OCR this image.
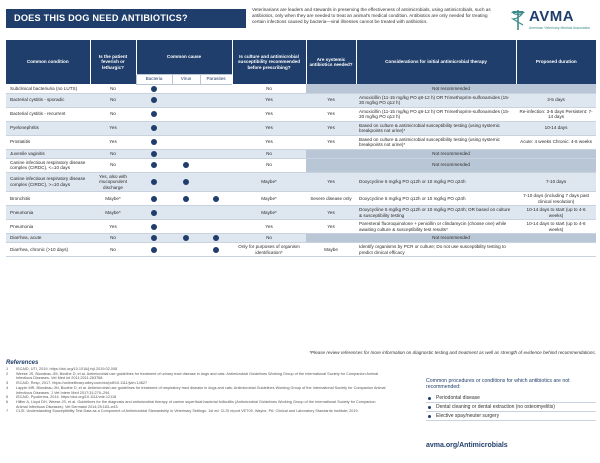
DOES THIS DOG NEED ANTIBIOTICS?
Veterinarians are leaders and stewards in preserving the effectiveness of antimicrobials, using antimicrobials, such as antibiotics, only when they are needed to treat an animal's medical condition. Antibiotics are only needed for treating certain infections caused by bacteria—viral illnesses cannot be treated with antibiotics.	AVMA
American Veterinary Medical Association
Common condition	Is the patient feverish or lethargic?	Common cause			Is culture and antimicrobial susceptibility recommended before prescribing?	Are systemic antibiotics needed?	Considerations for initial antimicrobial therapy	Proposed duration
		Bacteria	Virus	Parasites				
Subclinical bacteriuria (no LUTS)	No				No	Not recommended		
Bacterial cystitis - sporadic	No				Yes	Yes	Amoxicillin (11-15 mg/kg PO q8-12 h) OR Trimethoprim-sulfonamides (15-30 mg/kg PO q12 h)	3-5 days
Bacterial cystitis - recurrent	No				Yes	Yes	Amoxicillin (11-15 mg/kg PO q8-12 h) OR Trimethoprim-sulfonamides (15-30 mg/kg PO q12 h)	Re-infection: 3-5 days Persistent: 7-14 days
Pyelonephritis	Yes				Yes	Yes	Based on culture & antimicrobial susceptibility testing (using systemic breakpoints not urine)*	10-14 days
Prostatitis	Yes				Yes	Yes	Based on culture & antimicrobial susceptibility testing (using systemic breakpoints not urine)*	Acute: 4 weeks Chronic: 4-6 weeks
Juvenile vaginitis	No				No	Not recommended		
Canine infectious respiratory disease complex (CIRDC), <=10 days	No				No	Not recommended		
Canine infectious respiratory disease complex (CIRDC), >=10 days	Yes, also with mucopurulent discharge				Maybe*	Yes	Doxycycline 5 mg/kg PO q12h or 10 mg/kg PO q24h	7-10 days
Bronchitis	Maybe*				Maybe*	Severe disease only	Doxycycline 5 mg/kg PO q12h or 10 mg/kg PO q24h	7-10 days (including 7 days past clinical resolution)
Pneumonia	Maybe*				Maybe*	Yes	Doxycycline 5 mg/kg PO q12h or 10 mg/kg PO q24h; OR based on culture & susceptibility testing	10-14 days to start (up to 4-6 weeks)
Pneumonia	Yes				Yes	Yes	Parenteral fluoroquinolone + penicillin or clindamycin (choose one) while awaiting culture & susceptibility test results*	10-14 days to start (up to 4-6 weeks)
Diarrhea, acute	No				No	Not recommended		
Diarrhea, chronic (>10 days)	No				Only for purposes of organism identification*	Maybe	Identify organisms by PCR or culture; Do not use susceptibility testing to predict clinical efficacy	
*Please review references for more information on diagnostic testing and treatment as well as strength of evidence behind recommendations.
References
1 ISCAID, UTI, 2019. https://doi.org/10.1016/j.tvjl.2019.02.008
2 Weese JS, Blondeau JM, Boothe D, et al. Antimicrobial use guidelines for treatment of urinary tract disease in dogs and cats: Antimicrobial Guidelines Working Group of the International Society for Companion Animal Infectious Diseases. Vet Med Int 2011;2011:263768.
3 ISCAID, Resp, 2017. https://onlinelibrary.wiley.com/doi/pdf/10.1111/jvim.14627
4 Lappin MR, Blondeau JM, Boothe D, et al. Antimicrobial use guidelines for treatment of respiratory tract disease in dogs and cats: Antimicrobial Guidelines Working Group of the International Society for Companion Animal Infectious Diseases. J Vet Intern Med 2017;31:279–294.
5 ISCAID, Pyoderma, 2014. https://doi.org/10.1111/vde.12118
6 Hillier A, Lloyd DH, Weese JS, et al. Guidelines for the diagnosis and antimicrobial therapy of canine superficial bacterial folliculitis (Antimicrobial Guidelines Working Group of the International Society for Companion Animal Infectious Diseases). Vet Dermatol 2014;25:163–e43.
7 CLSI. Understanding Susceptibility Test Data as a Component of Antimicrobial Stewardship in Veterinary Settings. 1st ed. CLSI report VET09. Wayne, PA: Clinical and Laboratory Standards Institute; 2019.
Common procedures or conditions for which antibiotics are not recommended:
Periodontal disease
Dental cleaning or dental extraction (no osteomyelitis)
Elective spay/neuter surgery
avma.org/Antimicrobials
